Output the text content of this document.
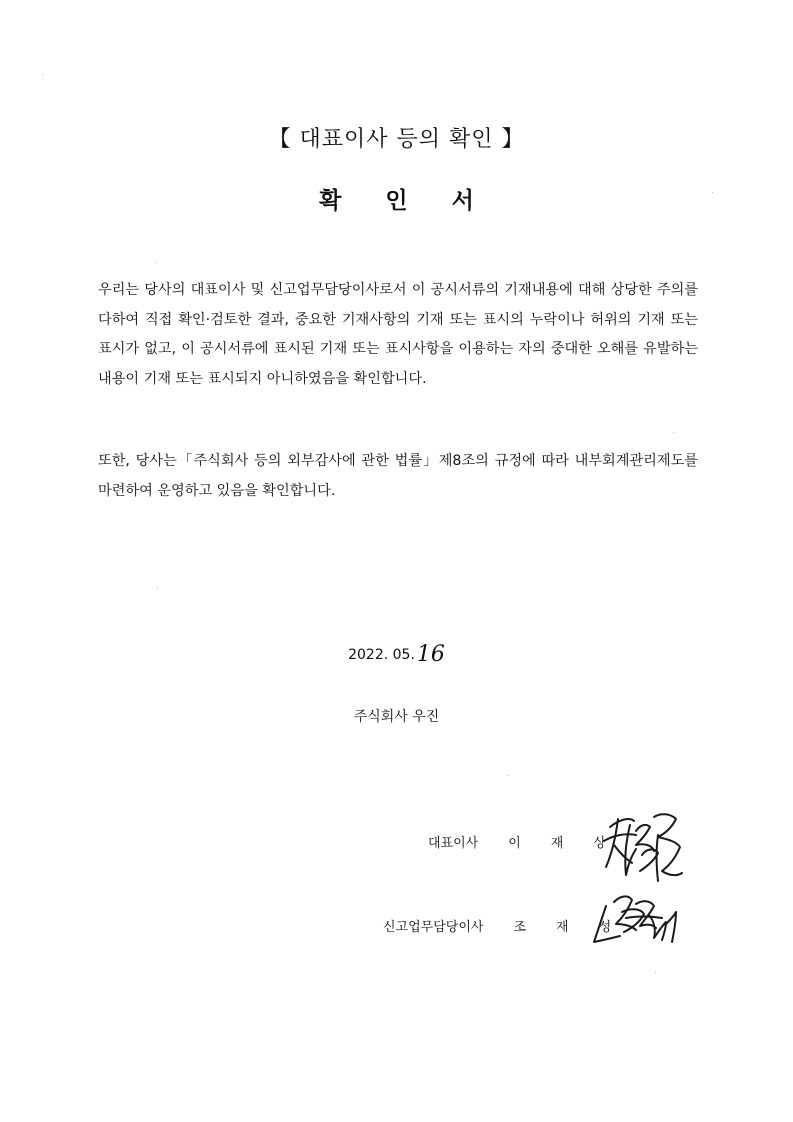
【 대표이사 등의 확인 】
확 인 서
우리는 당사의 대표이사 및 신고업무담당이사로서 이 공시서류의 기재내용에 대해 상당한 주의를 다하여 직접 확인·검토한 결과, 중요한 기재사항의 기재 또는 표시의 누락이나 허위의 기재 또는 표시가 없고, 이 공시서류에 표시된 기재 또는 표시사항을 이용하는 자의 중대한 오해를 유발하는 내용이 기재 또는 표시되지 아니하였음을 확인합니다.
또한, 당사는「주식회사 등의 외부감사에 관한 법률」제8조의 규정에 따라 내부회계관리제도를 마련하여 운영하고 있음을 확인합니다.
2022. 05.16
주식회사 우진
대표이사 이 재 상
신고업무담당이사 조 재 성
